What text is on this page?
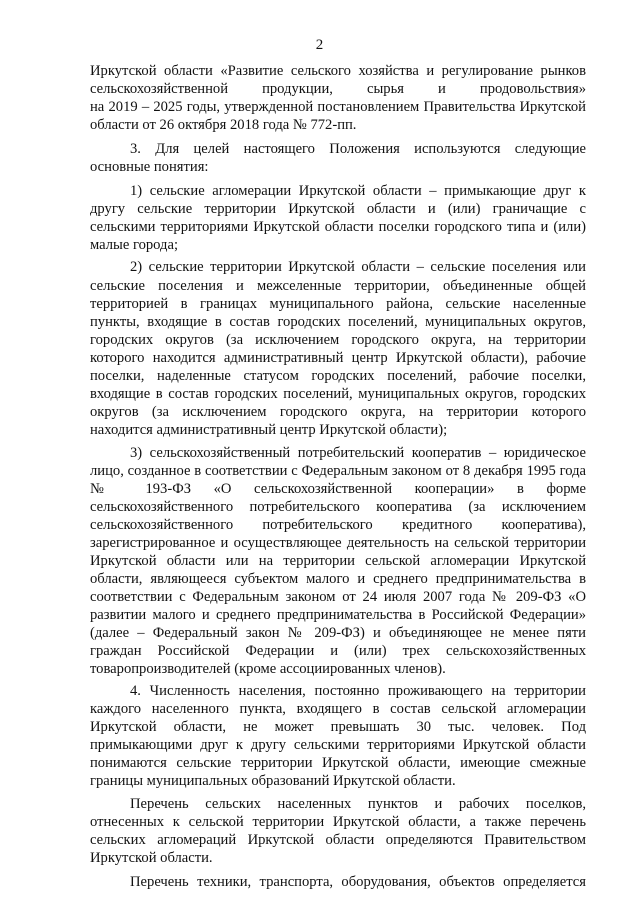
2
Иркутской области «Развитие сельского хозяйства и регулирование рынков
сельскохозяйственной продукции, сырья и продовольствия»
на 2019 – 2025 годы, утвержденной постановлением Правительства Иркутской
области от 26 октября 2018 года № 772-пп.
3. Для целей настоящего Положения используются следующие
основные понятия:
1) сельские агломерации Иркутской области – примыкающие друг к
другу сельские территории Иркутской области и (или) граничащие с
сельскими территориями Иркутской области поселки городского типа и (или)
малые города;
2) сельские территории Иркутской области – сельские поселения или
сельские поселения и межселенные территории, объединенные общей
территорией в границах муниципального района, сельские населенные
пункты, входящие в состав городских поселений, муниципальных округов,
городских округов (за исключением городского округа, на территории
которого находится административный центр Иркутской области), рабочие
поселки, наделенные статусом городских поселений, рабочие поселки,
входящие в состав городских поселений, муниципальных округов, городских
округов (за исключением городского округа, на территории которого
находится административный центр Иркутской области);
3) сельскохозяйственный потребительский кооператив – юридическое
лицо, созданное в соответствии с Федеральным законом от 8 декабря 1995 года
№ 193-ФЗ «О сельскохозяйственной кооперации» в форме
сельскохозяйственного потребительского кооператива (за исключением
сельскохозяйственного потребительского кредитного кооператива),
зарегистрированное и осуществляющее деятельность на сельской территории
Иркутской области или на территории сельской агломерации Иркутской
области, являющееся субъектом малого и среднего предпринимательства в
соответствии с Федеральным законом от 24 июля 2007 года № 209-ФЗ «О
развитии малого и среднего предпринимательства в Российской Федерации»
(далее – Федеральный закон № 209-ФЗ) и объединяющее не менее пяти
граждан Российской Федерации и (или) трех сельскохозяйственных
товаропроизводителей (кроме ассоциированных членов).
4. Численность населения, постоянно проживающего на территории
каждого населенного пункта, входящего в состав сельской агломерации
Иркутской области, не может превышать 30 тыс. человек. Под
примыкающими друг к другу сельскими территориями Иркутской области
понимаются сельские территории Иркутской области, имеющие смежные
границы муниципальных образований Иркутской области.
Перечень сельских населенных пунктов и рабочих поселков,
отнесенных к сельской территории Иркутской области, а также перечень
сельских агломераций Иркутской области определяются Правительством
Иркутской области.
Перечень техники, транспорта, оборудования, объектов определяется
